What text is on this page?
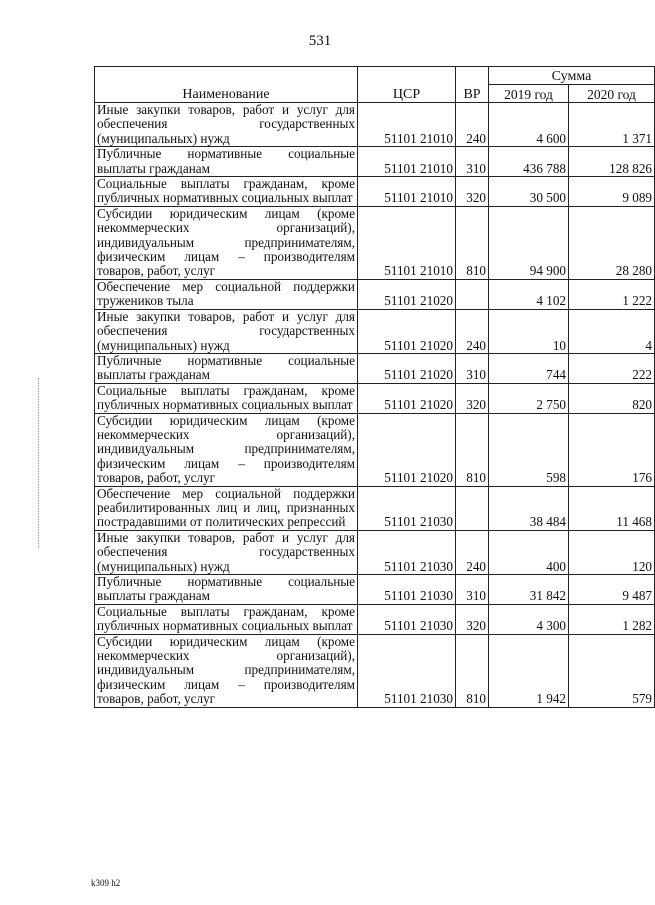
531
Наименование	ЦСР	ВР	Сумма	
			2019 год	2020 год
Иные закупки товаров, работ и услуг для обеспечения государственных (муниципальных) нужд	51101 21010	240	4 600	1 371
Публичные нормативные социальные выплаты гражданам	51101 21010	310	436 788	128 826
Социальные выплаты гражданам, кроме публичных нормативных социальных выплат	51101 21010	320	30 500	9 089
Субсидии юридическим лицам (кроме некоммерческих организаций), индивидуальным предпринимателям, физическим лицам – производителям товаров, работ, услуг	51101 21010	810	94 900	28 280
Обеспечение мер социальной поддержки тружеников тыла	51101 21020		4 102	1 222
Иные закупки товаров, работ и услуг для обеспечения государственных (муниципальных) нужд	51101 21020	240	10	4
Публичные нормативные социальные выплаты гражданам	51101 21020	310	744	222
Социальные выплаты гражданам, кроме публичных нормативных социальных выплат	51101 21020	320	2 750	820
Субсидии юридическим лицам (кроме некоммерческих организаций), индивидуальным предпринимателям, физическим лицам – производителям товаров, работ, услуг	51101 21020	810	598	176
Обеспечение мер социальной поддержки реабилитированных лиц и лиц, признанных пострадавшими от политических репрессий	51101 21030		38 484	11 468
Иные закупки товаров, работ и услуг для обеспечения государственных (муниципальных) нужд	51101 21030	240	400	120
Публичные нормативные социальные выплаты гражданам	51101 21030	310	31 842	9 487
Социальные выплаты гражданам, кроме публичных нормативных социальных выплат	51101 21030	320	4 300	1 282
Субсидии юридическим лицам (кроме некоммерческих организаций), индивидуальным предпринимателям, физическим лицам – производителям товаров, работ, услуг	51101 21030	810	1 942	579
k309 h2
